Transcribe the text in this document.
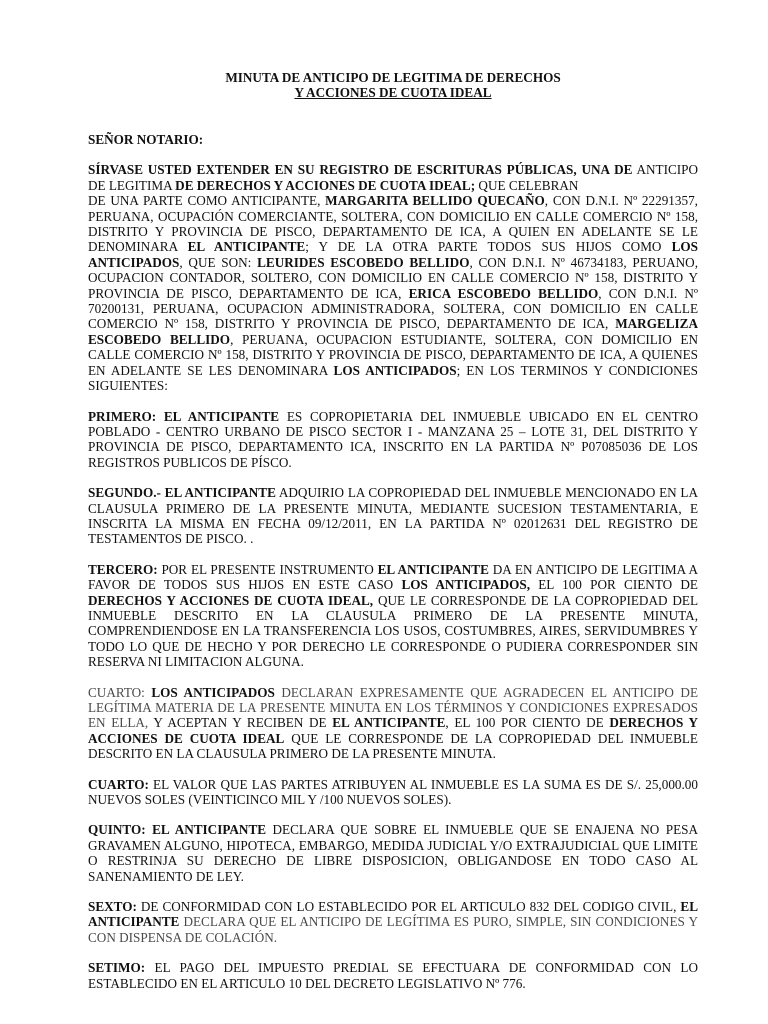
MINUTA DE ANTICIPO DE LEGITIMA DE DERECHOS
Y ACCIONES DE CUOTA IDEAL

SEÑOR NOTARIO:

SÍRVASE USTED EXTENDER EN SU REGISTRO DE ESCRITURAS PÚBLICAS, UNA DE ANTICIPO DE LEGITIMA DE DERECHOS Y ACCIONES DE CUOTA IDEAL; QUE CELEBRAN
DE UNA PARTE COMO ANTICIPANTE, MARGARITA BELLIDO QUECAÑO, CON D.N.I. Nº 22291357, PERUANA, OCUPACIÓN COMERCIANTE, SOLTERA, CON DOMICILIO EN CALLE COMERCIO Nº 158, DISTRITO Y PROVINCIA DE PISCO, DEPARTAMENTO DE ICA, A QUIEN EN ADELANTE SE LE DENOMINARA EL ANTICIPANTE; Y DE LA OTRA PARTE TODOS SUS HIJOS COMO LOS ANTICIPADOS, QUE SON: LEURIDES ESCOBEDO BELLIDO, CON D.N.I. Nº 46734183, PERUANO, OCUPACION CONTADOR, SOLTERO, CON DOMICILIO EN CALLE COMERCIO Nº 158, DISTRITO Y PROVINCIA DE PISCO, DEPARTAMENTO DE ICA, ERICA ESCOBEDO BELLIDO, CON D.N.I. Nº 70200131, PERUANA, OCUPACION ADMINISTRADORA, SOLTERA, CON DOMICILIO EN CALLE COMERCIO Nº 158, DISTRITO Y PROVINCIA DE PISCO, DEPARTAMENTO DE ICA, MARGELIZA ESCOBEDO BELLIDO, PERUANA, OCUPACION ESTUDIANTE, SOLTERA, CON DOMICILIO EN CALLE COMERCIO Nº 158, DISTRITO Y PROVINCIA DE PISCO, DEPARTAMENTO DE ICA, A QUIENES EN ADELANTE SE LES DENOMINARA LOS ANTICIPADOS; EN LOS TERMINOS Y CONDICIONES SIGUIENTES:

PRIMERO: EL ANTICIPANTE ES COPROPIETARIA DEL INMUEBLE UBICADO EN EL CENTRO POBLADO - CENTRO URBANO DE PISCO SECTOR I - MANZANA 25 – LOTE 31, DEL DISTRITO Y PROVINCIA DE PISCO, DEPARTAMENTO ICA, INSCRITO EN LA PARTIDA Nº P07085036 DE LOS REGISTROS PUBLICOS DE PÍSCO.

SEGUNDO.- EL ANTICIPANTE ADQUIRIO LA COPROPIEDAD DEL INMUEBLE MENCIONADO EN LA CLAUSULA PRIMERO DE LA PRESENTE MINUTA, MEDIANTE SUCESION TESTAMENTARIA, E INSCRITA LA MISMA EN FECHA 09/12/2011, EN LA PARTIDA Nº 02012631 DEL REGISTRO DE TESTAMENTOS DE PISCO. .

TERCERO: POR EL PRESENTE INSTRUMENTO EL ANTICIPANTE DA EN ANTICIPO DE LEGITIMA A FAVOR DE TODOS SUS HIJOS EN ESTE CASO LOS ANTICIPADOS, EL 100 POR CIENTO DE DERECHOS Y ACCIONES DE CUOTA IDEAL, QUE LE CORRESPONDE DE LA COPROPIEDAD DEL INMUEBLE DESCRITO EN LA CLAUSULA PRIMERO DE LA PRESENTE MINUTA, COMPRENDIENDOSE EN LA TRANSFERENCIA LOS USOS, COSTUMBRES, AIRES, SERVIDUMBRES Y TODO LO QUE DE HECHO Y POR DERECHO LE CORRESPONDE O PUDIERA CORRESPONDER SIN RESERVA NI LIMITACION ALGUNA.

CUARTO: LOS ANTICIPADOS DECLARAN EXPRESAMENTE QUE AGRADECEN EL ANTICIPO DE LEGÍTIMA MATERIA DE LA PRESENTE MINUTA EN LOS TÉRMINOS Y CONDICIONES EXPRESADOS EN ELLA, Y ACEPTAN Y RECIBEN DE EL ANTICIPANTE, EL 100 POR CIENTO DE DERECHOS Y ACCIONES DE CUOTA IDEAL QUE LE CORRESPONDE DE LA COPROPIEDAD DEL INMUEBLE DESCRITO EN LA CLAUSULA PRIMERO DE LA PRESENTE MINUTA.

CUARTO: EL VALOR QUE LAS PARTES ATRIBUYEN AL INMUEBLE ES LA SUMA ES DE S/. 25,000.00 NUEVOS SOLES (VEINTICINCO MIL Y /100 NUEVOS SOLES).

QUINTO: EL ANTICIPANTE DECLARA QUE SOBRE EL INMUEBLE QUE SE ENAJENA NO PESA GRAVAMEN ALGUNO, HIPOTECA, EMBARGO, MEDIDA JUDICIAL Y/O EXTRAJUDICIAL QUE LIMITE O RESTRINJA SU DERECHO DE LIBRE DISPOSICION, OBLIGANDOSE EN TODO CASO AL SANENAMIENTO DE LEY.

SEXTO: DE CONFORMIDAD CON LO ESTABLECIDO POR EL ARTICULO 832 DEL CODIGO CIVIL, EL ANTICIPANTE DECLARA QUE EL ANTICIPO DE LEGÍTIMA ES PURO, SIMPLE, SIN CONDICIONES Y CON DISPENSA DE COLACIÓN.

SETIMO: EL PAGO DEL IMPUESTO PREDIAL SE EFECTUARA DE CONFORMIDAD CON LO ESTABLECIDO EN EL ARTICULO 10 DEL DECRETO LEGISLATIVO Nº 776.
